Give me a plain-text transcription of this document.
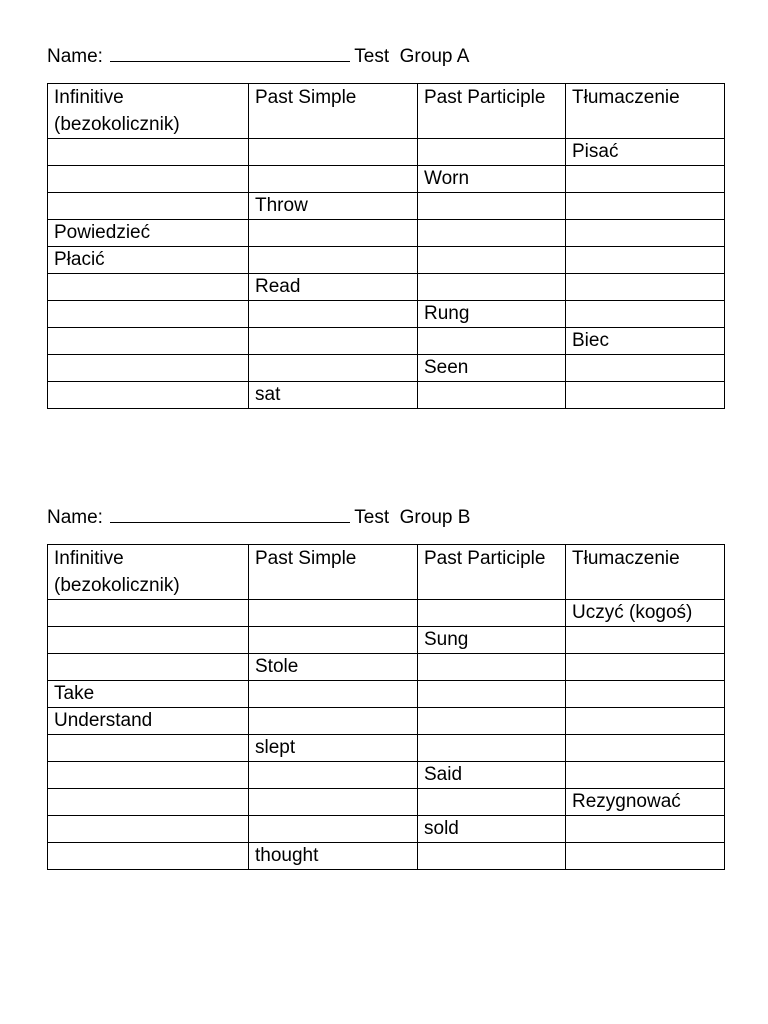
Name:	Test  Group A

Infinitive
(bezokolicznik)	Past Simple	Past Participle	Tłumaczenie
			Pisać
		Worn	
	Throw		
Powiedzieć			
Płacić			
	Read		
		Rung	
			Biec
		Seen	
	sat		

Name:	Test  Group B

Infinitive
(bezokolicznik)	Past Simple	Past Participle	Tłumaczenie
			Uczyć (kogoś)
		Sung	
	Stole		
Take			
Understand			
	slept		
		Said	
			Rezygnować
		sold	
	thought		
